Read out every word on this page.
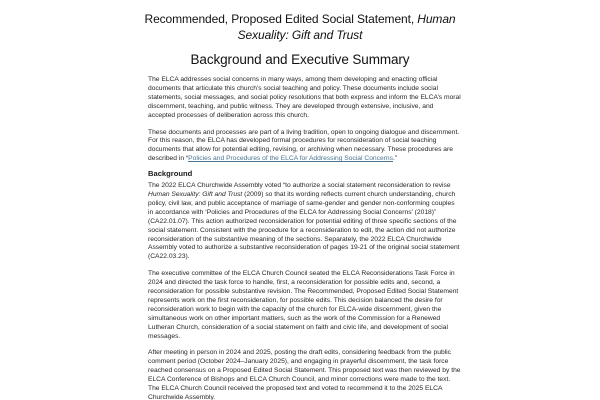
Recommended, Proposed Edited Social Statement, Human
Sexuality: Gift and Trust
Background and Executive Summary

The ELCA addresses social concerns in many ways, among them developing and enacting official documents that articulate this church’s social teaching and policy. These documents include social statements, social messages, and social policy resolutions that both express and inform the ELCA’s moral discernment, teaching, and public witness. They are developed through extensive, inclusive, and accepted processes of deliberation across this church.

These documents and processes are part of a living tradition, open to ongoing dialogue and discernment. For this reason, the ELCA has developed formal procedures for reconsideration of social teaching documents that allow for potential editing, revising, or archiving when necessary. These procedures are described in “Policies and Procedures of the ELCA for Addressing Social Concerns.”

Background

The 2022 ELCA Churchwide Assembly voted “to authorize a social statement reconsideration to revise Human Sexuality: Gift and Trust (2009) so that its wording reflects current church understanding, church policy, civil law, and public acceptance of marriage of same-gender and gender non-conforming couples in accordance with ‘Policies and Procedures of the ELCA for Addressing Social Concerns’ (2018)” (CA22.01.07). This action authorized reconsideration for potential editing of three specific sections of the social statement. Consistent with the procedure for a reconsideration to edit, the action did not authorize reconsideration of the substantive meaning of the sections. Separately, the 2022 ELCA Churchwide Assembly voted to authorize a substantive reconsideration of pages 19-21 of the original social statement (CA22.03.23).

The executive committee of the ELCA Church Council seated the ELCA Reconsiderations Task Force in 2024 and directed the task force to handle, first, a reconsideration for possible edits and, second, a reconsideration for possible substantive revision. The Recommended, Proposed Edited Social Statement represents work on the first reconsideration, for possible edits. This decision balanced the desire for reconsideration work to begin with the capacity of the church for ELCA-wide discernment, given the simultaneous work on other important matters, such as the work of the Commission for a Renewed Lutheran Church, consideration of a social statement on faith and civic life, and development of social messages.

After meeting in person in 2024 and 2025, posting the draft edits, considering feedback from the public comment period (October 2024–January 2025), and engaging in prayerful discernment, the task force reached consensus on a Proposed Edited Social Statement. This proposed text was then reviewed by the ELCA Conference of Bishops and ELCA Church Council, and minor corrections were made to the text. The ELCA Church Council received the proposed text and voted to recommend it to the 2025 ELCA Churchwide Assembly.
